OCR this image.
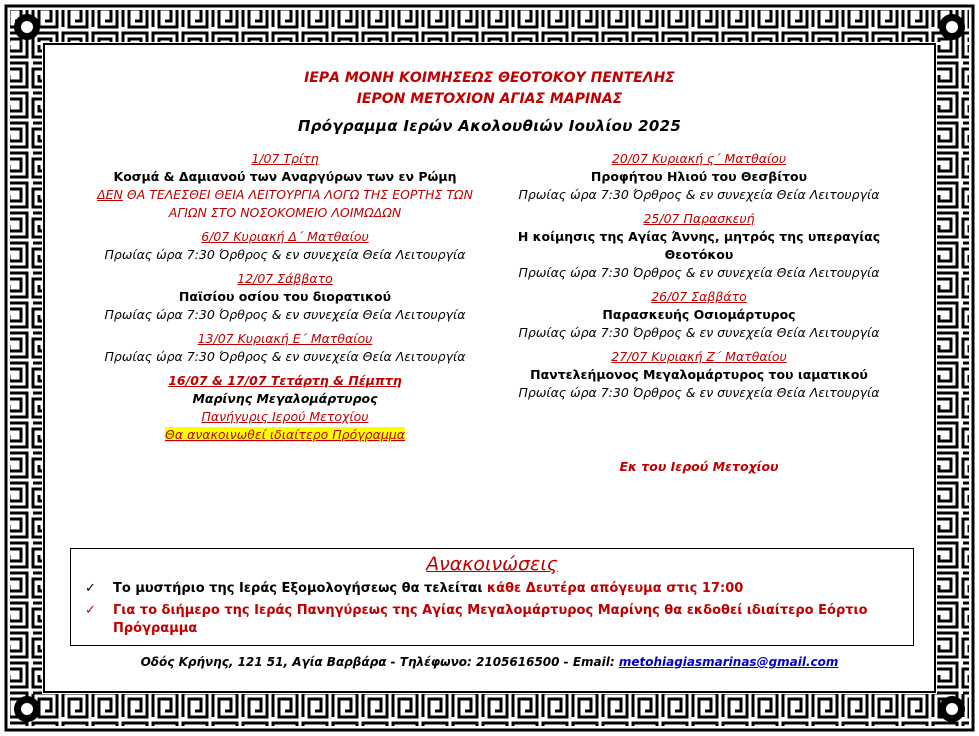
ΙΕΡΑ ΜΟΝΗ ΚΟΙΜΗΣΕΩΣ ΘΕΟΤΟΚΟΥ ΠΕΝΤΕΛΗΣ
ΙΕΡΟΝ ΜΕΤΟΧΙΟΝ ΑΓΙΑΣ ΜΑΡΙΝΑΣ
Πρόγραμμα Ιερών Ακολουθιών Ιουλίου 2025
1/07 Τρίτη
Κοσμά & Δαμιανού των Αναργύρων των εν Ρώμη
ΔΕΝ ΘΑ ΤΕΛΕΣΘΕΙ ΘΕΙΑ ΛΕΙΤΟΥΡΓΙΑ ΛΟΓΩ ΤΗΣ ΕΟΡΤΗΣ ΤΩΝ ΑΓΙΩΝ ΣΤΟ ΝΟΣΟΚΟΜΕΙΟ ΛΟΙΜΩΔΩΝ
6/07 Κυριακή Δ΄ Ματθαίου
Πρωίας ώρα 7:30 Όρθρος & εν συνεχεία Θεία Λειτουργία
12/07 Σάββατο
Παϊσίου οσίου του διορατικού
Πρωίας ώρα 7:30 Όρθρος & εν συνεχεία Θεία Λειτουργία
13/07 Κυριακή Ε΄ Ματθαίου
Πρωίας ώρα 7:30 Όρθρος & εν συνεχεία Θεία Λειτουργία
16/07 & 17/07 Τετάρτη & Πέμπτη
Μαρίνης Μεγαλομάρτυρος
Πανήγυρις Ιερού Μετοχίου
Θα ανακοινωθεί ιδιαίτερο Πρόγραμμα
20/07 Κυριακή ς΄ Ματθαίου
Προφήτου Ηλιού του Θεσβίτου
Πρωίας ώρα 7:30 Όρθρος & εν συνεχεία Θεία Λειτουργία
25/07 Παρασκευή
Η κοίμησις της Αγίας Άννης, μητρός της υπεραγίας Θεοτόκου
Πρωίας ώρα 7:30 Όρθρος & εν συνεχεία Θεία Λειτουργία
26/07 Σαββάτο
Παρασκευής Οσιομάρτυρος
Πρωίας ώρα 7:30 Όρθρος & εν συνεχεία Θεία Λειτουργία
27/07 Κυριακή Ζ΄ Ματθαίου
Παντελεήμονος Μεγαλομάρτυρος του ιαματικού
Πρωίας ώρα 7:30 Όρθρος & εν συνεχεία Θεία Λειτουργία
Εκ του Ιερού Μετοχίου
Ανακοινώσεις
✓	Το μυστήριο της Ιεράς Εξομολογήσεως θα τελείται κάθε Δευτέρα απόγευμα στις 17:00
✓	Για το διήμερο της Ιεράς Πανηγύρεως της Αγίας Μεγαλομάρτυρος Μαρίνης θα εκδοθεί ιδιαίτερο Εόρτιο Πρόγραμμα
Οδός Κρήνης, 121 51, Αγία Βαρβάρα - Τηλέφωνο: 2105616500 - Email: metohiagiasmarinas@gmail.com
